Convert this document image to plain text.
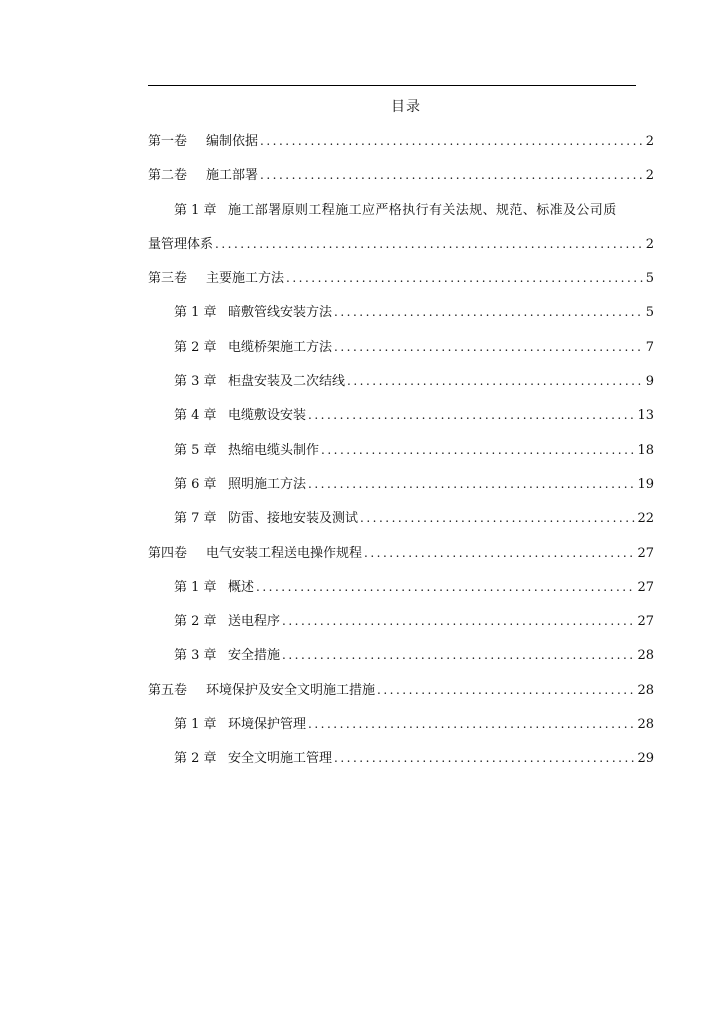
目录
第一卷	编制依据 .....	2
第二卷	施工部署 .....	2
第 1 章 施工部署原则工程施工应严格执行有关法规、规范、标准及公司质
量管理体系 .....	2
第三卷	主要施工方法 .....	5
第 1 章 暗敷管线安装方法 .....	5
第 2 章 电缆桥架施工方法 .....	7
第 3 章 柜盘安装及二次结线 .....	9
第 4 章 电缆敷设安装 .....	13
第 5 章 热缩电缆头制作 .....	18
第 6 章 照明施工方法 .....	19
第 7 章 防雷、接地安装及测试 .....	22
第四卷	电气安装工程送电操作规程 .....	27
第 1 章 概述 .....	27
第 2 章 送电程序 .....	27
第 3 章 安全措施 .....	28
第五卷	环境保护及安全文明施工措施 .....	28
第 1 章 环境保护管理 .....	28
第 2 章 安全文明施工管理 .....	29
